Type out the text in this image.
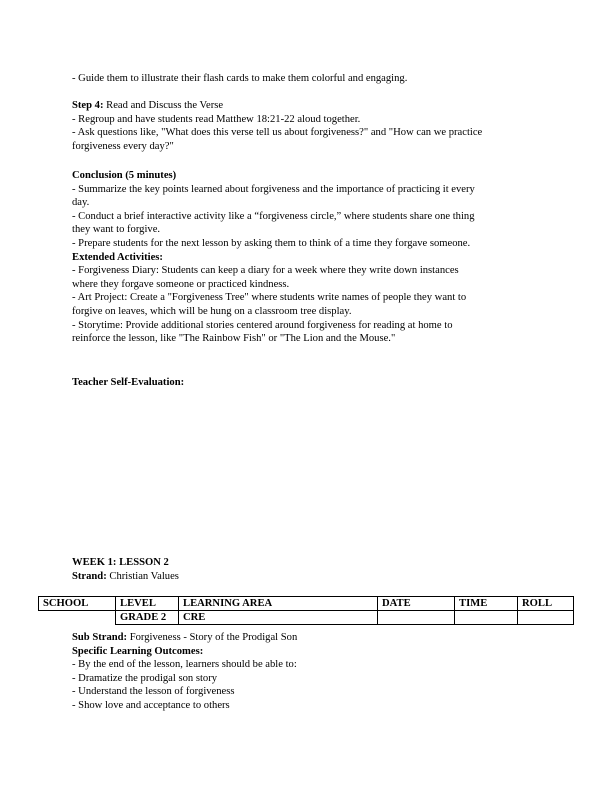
- Guide them to illustrate their flash cards to make them colorful and engaging.
Step 4: Read and Discuss the Verse
- Regroup and have students read Matthew 18:21-22 aloud together.
- Ask questions like, "What does this verse tell us about forgiveness?" and "How can we practice
forgiveness every day?"
Conclusion (5 minutes)
- Summarize the key points learned about forgiveness and the importance of practicing it every
day.
- Conduct a brief interactive activity like a “forgiveness circle,” where students share one thing
they want to forgive.
- Prepare students for the next lesson by asking them to think of a time they forgave someone.
Extended Activities:
- Forgiveness Diary: Students can keep a diary for a week where they write down instances
where they forgave someone or practiced kindness.
- Art Project: Create a "Forgiveness Tree" where students write names of people they want to
forgive on leaves, which will be hung on a classroom tree display.
- Storytime: Provide additional stories centered around forgiveness for reading at home to
reinforce the lesson, like "The Rainbow Fish" or "The Lion and the Mouse."
Teacher Self-Evaluation:
WEEK 1: LESSON 2
Strand: Christian Values
SCHOOL	LEVEL	LEARNING AREA	DATE	TIME	ROLL
	GRADE 2	CRE			
Sub Strand: Forgiveness - Story of the Prodigal Son
Specific Learning Outcomes:
- By the end of the lesson, learners should be able to:
- Dramatize the prodigal son story
- Understand the lesson of forgiveness
- Show love and acceptance to others
